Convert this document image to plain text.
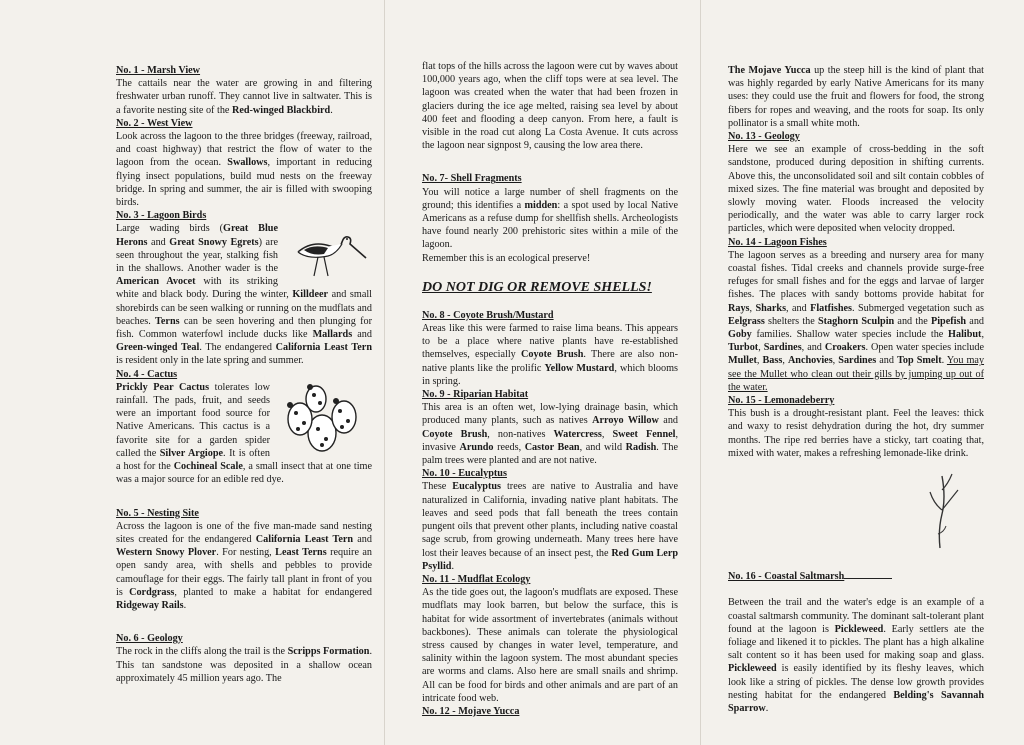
No. 1 - Marsh View

The cattails near the water are growing in and filtering freshwater urban runoff. They cannot live in saltwater. This is a favorite nesting site of the Red-winged Blackbird.

No. 2 - West View

Look across the lagoon to the three bridges (freeway, railroad, and coast highway) that restrict the flow of water to the lagoon from the ocean. Swallows, important in reducing flying insect populations, build mud nests on the freeway bridge. In spring and summer, the air is filled with swooping birds.

No. 3 - Lagoon Birds

Large wading birds (Great Blue Herons and Great Snowy Egrets) are seen throughout the year, stalking fish in the shallows. Another wader is the American Avocet with its striking white and black body. During the winter, Killdeer and small shorebirds can be seen walking or running on the mudflats and beaches. Terns can be seen hovering and then plunging for fish. Common waterfowl include ducks like Mallards and Green-winged Teal. The endangered California Least Tern is resident only in the late spring and summer.

No. 4 - Cactus

Prickly Pear Cactus tolerates low rainfall. The pads, fruit, and seeds were an important food source for Native Americans. This cactus is a favorite site for a garden spider called the Silver Argiope. It is often a host for the Cochineal Scale, a small insect that at one time was a major source for an edible red dye.

No. 5 - Nesting Site

Across the lagoon is one of the five man-made sand nesting sites created for the endangered California Least Tern and Western Snowy Plover. For nesting, Least Terns require an open sandy area, with shells and pebbles to provide camouflage for their eggs. The fairly tall plant in front of you is Cordgrass, planted to make a habitat for endangered Ridgeway Rails.

No. 6 - Geology

The rock in the cliffs along the trail is the Scripps Formation. This tan sandstone was deposited in a shallow ocean approximately 45 million years ago. The

flat tops of the hills across the lagoon were cut by waves about 100,000 years ago, when the cliff tops were at sea level. The lagoon was created when the water that had been frozen in glaciers during the ice age melted, raising sea level by about 400 feet and flooding a deep canyon. From here, a fault is visible in the road cut along La Costa Avenue. It cuts across the lagoon near signpost 9, causing the low area there.

No. 7- Shell Fragments

You will notice a large number of shell fragments on the ground; this identifies a midden: a spot used by local Native Americans as a refuse dump for shellfish shells. Archeologists have found nearly 200 prehistoric sites within a mile of the lagoon.

Remember this is an ecological preserve!

DO NOT DIG OR REMOVE SHELLS!
No. 8 - Coyote Brush/Mustard

Areas like this were farmed to raise lima beans. This appears to be a place where native plants have re-established themselves, especially Coyote Brush. There are also non-native plants like the prolific Yellow Mustard, which blooms in spring.

No. 9 - Riparian Habitat

This area is an often wet, low-lying drainage basin, which produced many plants, such as natives Arroyo Willow and Coyote Brush, non-natives Watercress, Sweet Fennel, invasive Arundo reeds, Castor Bean, and wild Radish. The palm trees were planted and are not native.

No. 10 - Eucalyptus

These Eucalyptus trees are native to Australia and have naturalized in California, invading native plant habitats. The leaves and seed pods that fall beneath the trees contain pungent oils that prevent other plants, including native coastal sage scrub, from growing underneath. Many trees here have lost their leaves because of an insect pest, the Red Gum Lerp Psyllid.

No. 11 - Mudflat Ecology

As the tide goes out, the lagoon's mudflats are exposed. These mudflats may look barren, but below the surface, this is habitat for wide assortment of invertebrates (animals without backbones). These animals can tolerate the physiological stress caused by changes in water level, temperature, and salinity within the lagoon system. The most abundant species are worms and clams. Also here are small snails and shrimp. All can be food for birds and other animals and are part of an intricate food web.

No. 12 - Mojave Yucca

The Mojave Yucca up the steep hill is the kind of plant that was highly regarded by early Native Americans for its many uses: they could use the fruit and flowers for food, the strong fibers for ropes and weaving, and the roots for soap. Its only pollinator is a small white moth.

No. 13 - Geology

Here we see an example of cross-bedding in the soft sandstone, produced during deposition in shifting currents. Above this, the unconsolidated soil and silt contain cobbles of mixed sizes. The fine material was brought and deposited by slowly moving water. Floods increased the velocity periodically, and the water was able to carry larger rock particles, which were deposited when velocity dropped.

No. 14 - Lagoon Fishes

The lagoon serves as a breeding and nursery area for many coastal fishes. Tidal creeks and channels provide surge-free refuges for small fishes and for the eggs and larvae of larger fishes. The places with sandy bottoms provide habitat for Rays, Sharks, and Flatfishes. Submerged vegetation such as Eelgrass shelters the Staghorn Sculpin and the Pipefish and Goby families. Shallow water species include the Halibut, Turbot, Sardines, and Croakers. Open water species include Mullet, Bass, Anchovies, Sardines and Top Smelt. You may see the Mullet who clean out their gills by jumping up out of the water.

No. 15 - Lemonadeberry

This bush is a drought-resistant plant. Feel the leaves: thick and waxy to resist dehydration during the hot, dry summer months. The ripe red berries have a sticky, tart coating that, mixed with water, makes a refreshing lemonade-like drink.

No. 16 - Coastal Saltmarsh

Between the trail and the water's edge is an example of a coastal saltmarsh community. The dominant salt-tolerant plant found at the lagoon is Pickleweed. Early settlers ate the foliage and likened it to pickles. The plant has a high alkaline salt content so it has been used for making soap and glass. Pickleweed is easily identified by its fleshy leaves, which look like a string of pickles. The dense low growth provides nesting habitat for the endangered Belding's Savannah Sparrow.
